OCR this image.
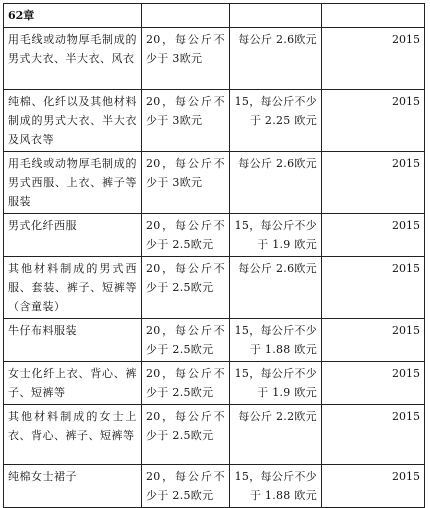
62章			
用毛线或动物厚毛制成的男式大衣、半大衣、风衣	20，每公斤不少于 3欧元	每公斤 2.6欧元	2015
纯棉、化纤以及其他材料制成的男式大衣、半大衣及风衣等	20，每公斤不少于 3欧元	15，每公斤不少于 2.25 欧元	2015
用毛线或动物厚毛制成的男式西服、上衣、裤子等服装	20，每公斤不少于 3欧元	每公斤 2.6欧元	2015
男式化纤西服	20，每公斤不少于 2.5欧元	15，每公斤不少于 1.9 欧元	2015
其他材料制成的男式西服、套装、裤子、短裤等（含童装）	20，每公斤不少于 2.5欧元	每公斤 2.6欧元	2015
牛仔布料服装	20，每公斤不少于 2.5欧元	15，每公斤不少于 1.88 欧元	2015
女士化纤上衣、背心、裤子、短裤等	20，每公斤不少于 2.5欧元	15，每公斤不少于 1.9 欧元	2015
其他材料制成的女士上衣、背心、裤子、短裤等	20，每公斤不少于 2.5欧元	每公斤 2.2欧元	2015
纯棉女士裙子	20，每公斤不少于 2.5欧元	15，每公斤不少于 1.88 欧元	2015
